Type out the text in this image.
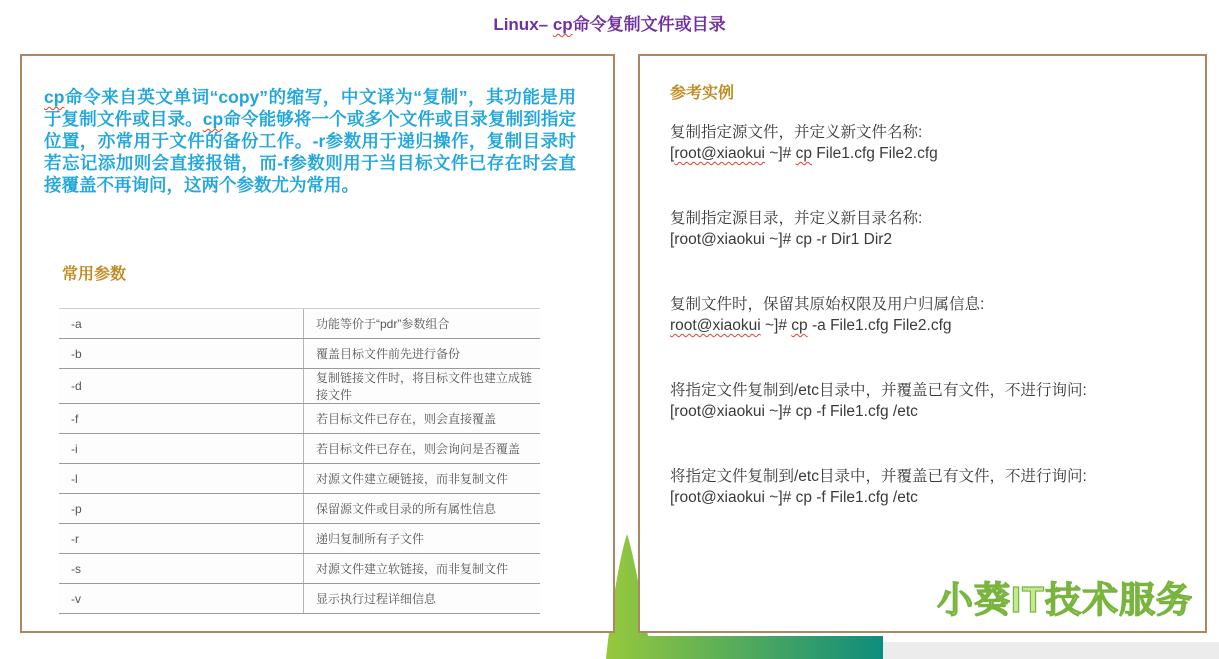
Linux– cp命令复制文件或目录

cp命令来自英文单词“copy”的缩写，中文译为“复制”，其功能是用于复制文件或目录。cp命令能够将一个或多个文件或目录复制到指定位置，亦常用于文件的备份工作。-r参数用于递归操作，复制目录时若忘记添加则会直接报错，而-f参数则用于当目标文件已存在时会直接覆盖不再询问，这两个参数尤为常用。

常用参数
-a	功能等价于“pdr”参数组合
-b	覆盖目标文件前先进行备份
-d	复制链接文件时，将目标文件也建立成链接文件
-f	若目标文件已存在，则会直接覆盖
-i	若目标文件已存在，则会询问是否覆盖
-l	对源文件建立硬链接，而非复制文件
-p	保留源文件或目录的所有属性信息
-r	递归复制所有子文件
-s	对源文件建立软链接，而非复制文件
-v	显示执行过程详细信息
参考实例

复制指定源文件，并定义新文件名称:

[root@xiaokui ~]# cp File1.cfg File2.cfg

复制指定源目录，并定义新目录名称:

[root@xiaokui ~]# cp -r Dir1 Dir2

复制文件时，保留其原始权限及用户归属信息:

root@xiaokui ~]# cp -a File1.cfg File2.cfg

将指定文件复制到/etc目录中，并覆盖已有文件，不进行询问:

[root@xiaokui ~]# cp -f File1.cfg /etc

将指定文件复制到/etc目录中，并覆盖已有文件，不进行询问:

[root@xiaokui ~]# cp -f File1.cfg /etc

小葵IT技术服务
